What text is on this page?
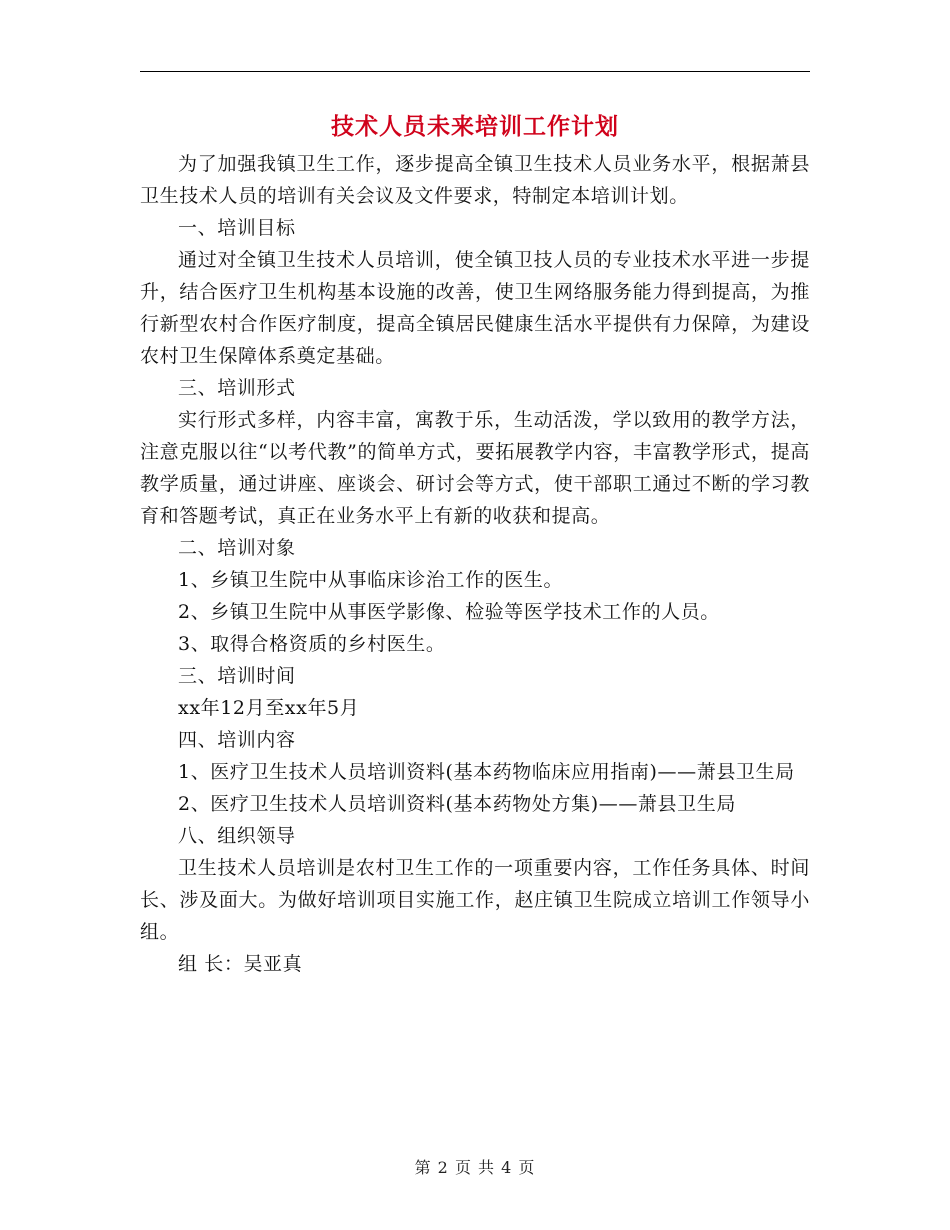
技术人员未来培训工作计划

为了加强我镇卫生工作，逐步提高全镇卫生技术人员业务水平，根据萧县卫生技术人员的培训有关会议及文件要求，特制定本培训计划。

一、培训目标

通过对全镇卫生技术人员培训，使全镇卫技人员的专业技术水平进一步提升，结合医疗卫生机构基本设施的改善，使卫生网络服务能力得到提高，为推行新型农村合作医疗制度，提高全镇居民健康生活水平提供有力保障，为建设农村卫生保障体系奠定基础。

三、培训形式

实行形式多样，内容丰富，寓教于乐，生动活泼，学以致用的教学方法，注意克服以往“以考代教”的简单方式，要拓展教学内容，丰富教学形式，提高教学质量，通过讲座、座谈会、研讨会等方式，使干部职工通过不断的学习教育和答题考试，真正在业务水平上有新的收获和提高。

二、培训对象

1、乡镇卫生院中从事临床诊治工作的医生。

2、乡镇卫生院中从事医学影像、检验等医学技术工作的人员。

3、取得合格资质的乡村医生。

三、培训时间

xx年12月至xx年5月

四、培训内容

1、医疗卫生技术人员培训资料(基本药物临床应用指南)——萧县卫生局

2、医疗卫生技术人员培训资料(基本药物处方集)——萧县卫生局

八、组织领导

卫生技术人员培训是农村卫生工作的一项重要内容，工作任务具体、时间长、涉及面大。为做好培训项目实施工作，赵庄镇卫生院成立培训工作领导小组。

组 长：吴亚真

第 2 页 共 4 页
